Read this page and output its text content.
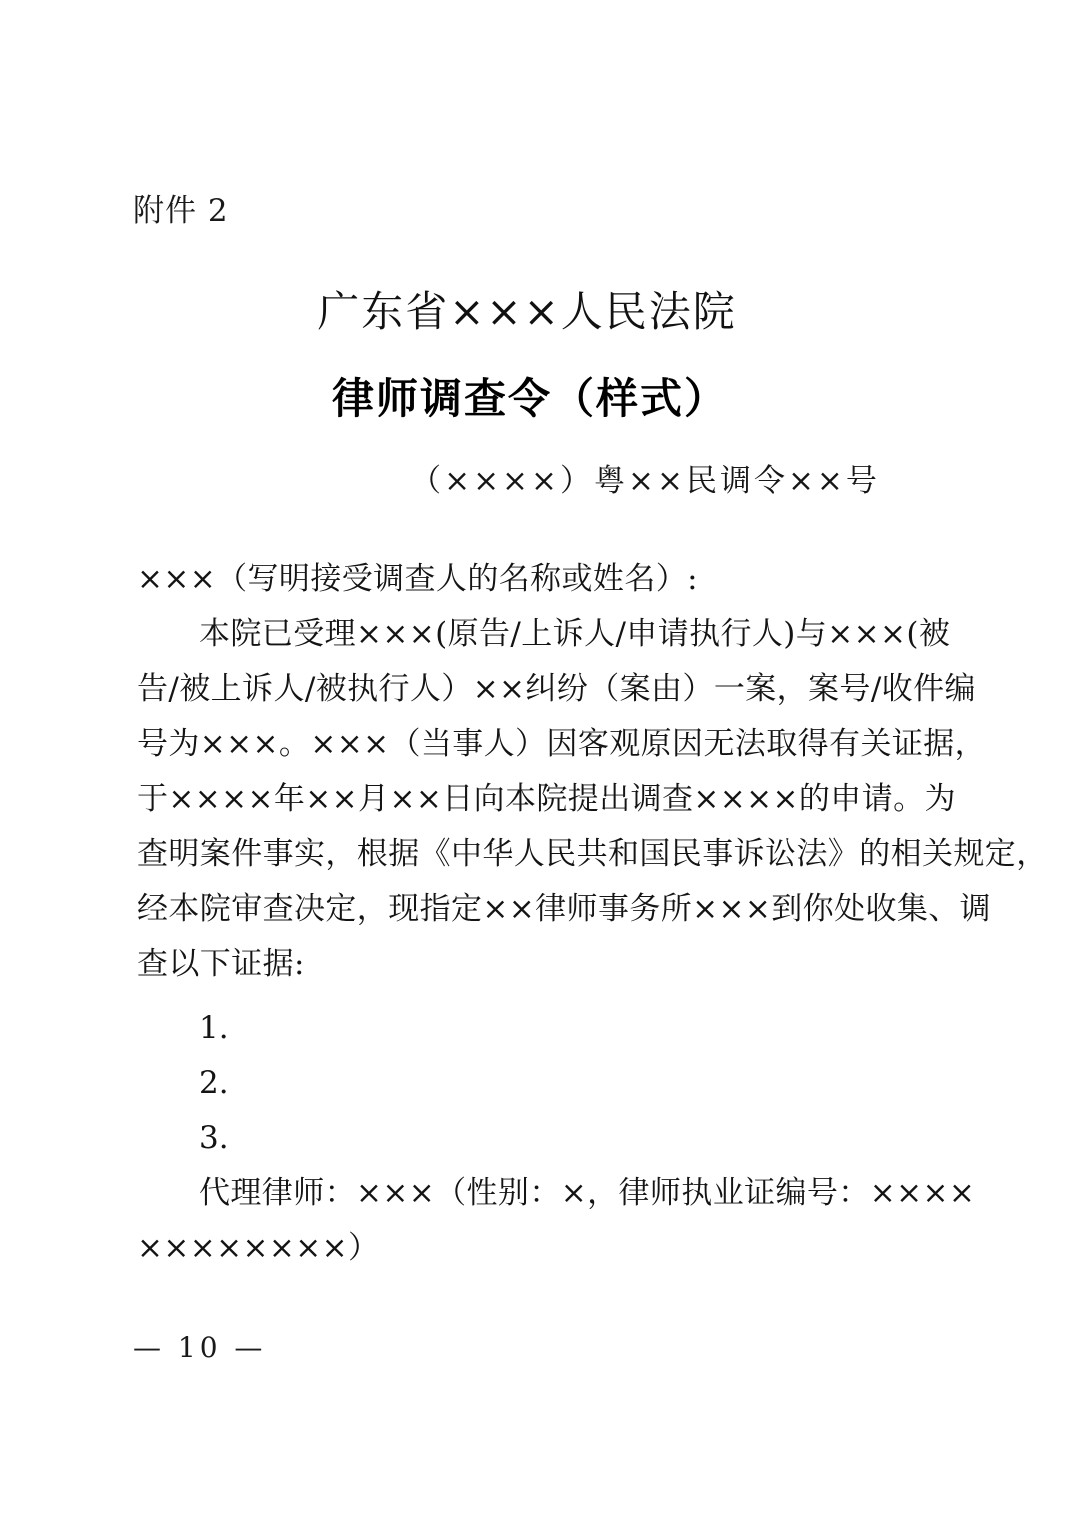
附件 2
广东省×××人民法院
律师调查令（样式）
（××××）粤××民调令××号
×××（写明接受调查人的名称或姓名）:
本院已受理×××(原告/上诉人/申请执行人)与×××(被
告/被上诉人/被执行人）××纠纷（案由）一案，案号/收件编
号为×××。×××（当事人）因客观原因无法取得有关证据，
于××××年××月××日向本院提出调查××××的申请。为
查明案件事实，根据《中华人民共和国民事诉讼法》的相关规定，
经本院审查决定，现指定××律师事务所×××到你处收集、调
查以下证据:
1.
2.
3.
代理律师：×××（性别：×，律师执业证编号：××××
××××××××）
— 10 —
